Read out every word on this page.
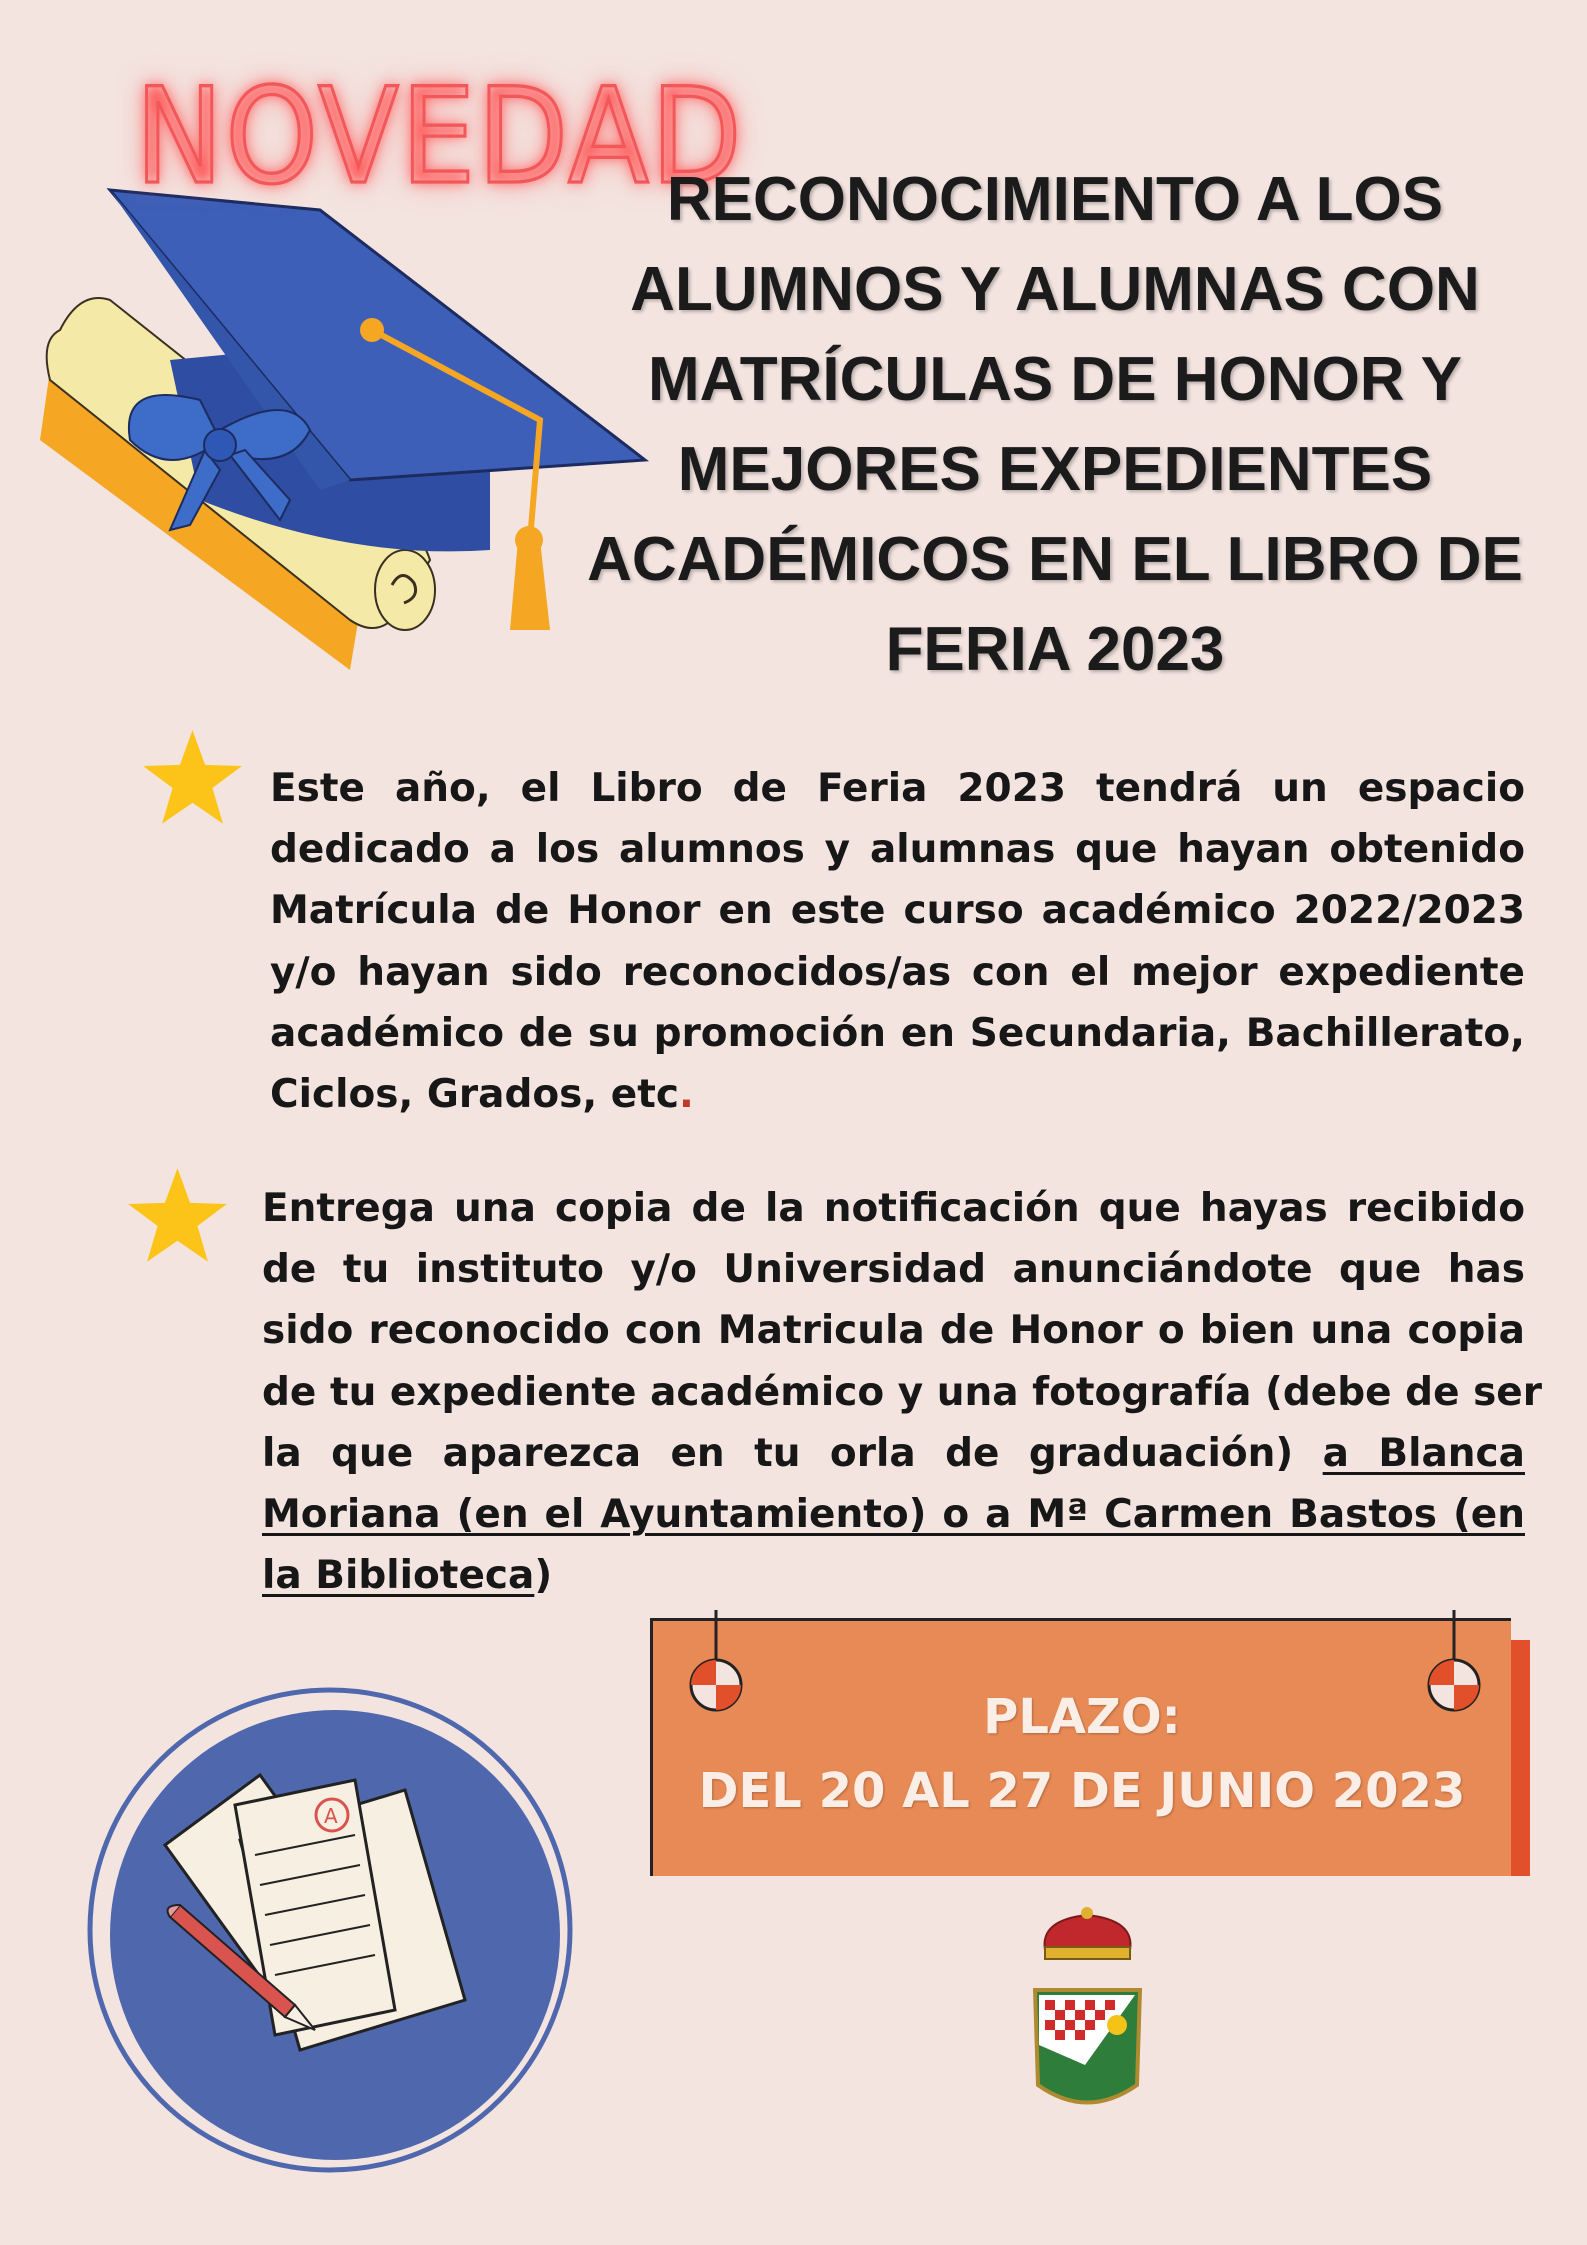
NOVEDAD
RECONOCIMIENTO A LOS
ALUMNOS Y ALUMNAS CON
MATRÍCULAS DE HONOR Y
MEJORES EXPEDIENTES
ACADÉMICOS EN EL LIBRO DE
FERIA 2023
Este año, el Libro de Feria 2023 tendrá un espacio
dedicado a los alumnos y alumnas que hayan obtenido
Matrícula de Honor en este curso académico 2022/2023
y/o hayan sido reconocidos/as con el mejor expediente
académico de su promoción en Secundaria, Bachillerato,
Ciclos, Grados, etc.
Entrega una copia de la notificación que hayas recibido
de tu instituto y/o Universidad anunciándote que has
sido reconocido con Matricula de Honor o bien una copia
de tu expediente académico y una fotografía (debe de ser
la que aparezca en tu orla de graduación) a Blanca
Moriana (en el Ayuntamiento) o a Mª Carmen Bastos (en
la Biblioteca)
PLAZO:
DEL 20 AL 27 DE JUNIO 2023
A
